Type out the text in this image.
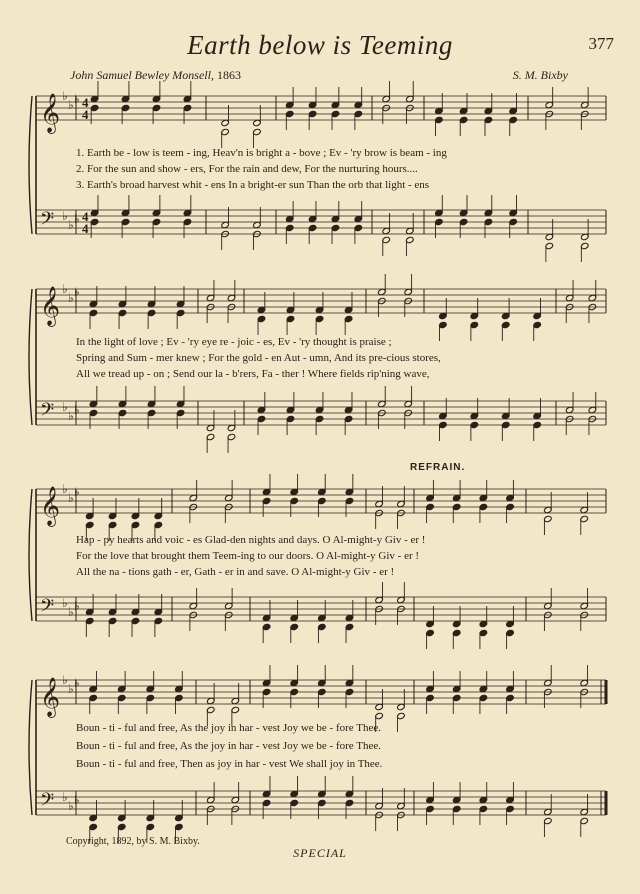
377
Earth below is Teeming
John Samuel Bewley Monsell, 1863	S. M. Bixby
REFRAIN.
1. Earth be - low is teem - ing, Heav'n is bright a - bove ; Ev - 'ry brow is beam - ing
2. For the sun and show - ers, For the rain and dew, For the nurturing hours....
3. Earth's broad harvest whit - ens In a bright-er sun Than the orb that light - ens
In the light of love ; Ev - 'ry eye re - joic - es, Ev - 'ry thought is praise ;
Spring and Sum - mer knew ; For the gold - en Aut - umn, And its pre-cious stores,
All we tread up - on ; Send our la - b'rers, Fa - ther ! Where fields rip'ning wave,
Hap - py hearts and voic - es Glad-den nights and days. O Al-might-y Giv - er !
For the love that brought them Teem-ing to our doors. O Al-might-y Giv - er !
All the na - tions gath - er, Gath - er in and save. O Al-might-y Giv - er !
Boun - ti - ful and free, As the joy in har - vest Joy we be - fore Thee.
Boun - ti - ful and free, As the joy in har - vest Joy we be - fore Thee.
Boun - ti - ful and free, Then as joy in har - vest We shall joy in Thee.
Copyright, 1892, by S. M. Bixby.
SPECIAL
𝄞 ♭
♭ ♭ 4
4
𝄢 ♭
♭ ♭ 4
4
𝄞 ♭
♭ ♭
𝄢 ♭
♭ ♭
𝄞 ♭
♭ ♭
𝄢 ♭
♭ ♭
𝄞 ♭
♭ ♭
𝄢 ♭
♭ ♭
